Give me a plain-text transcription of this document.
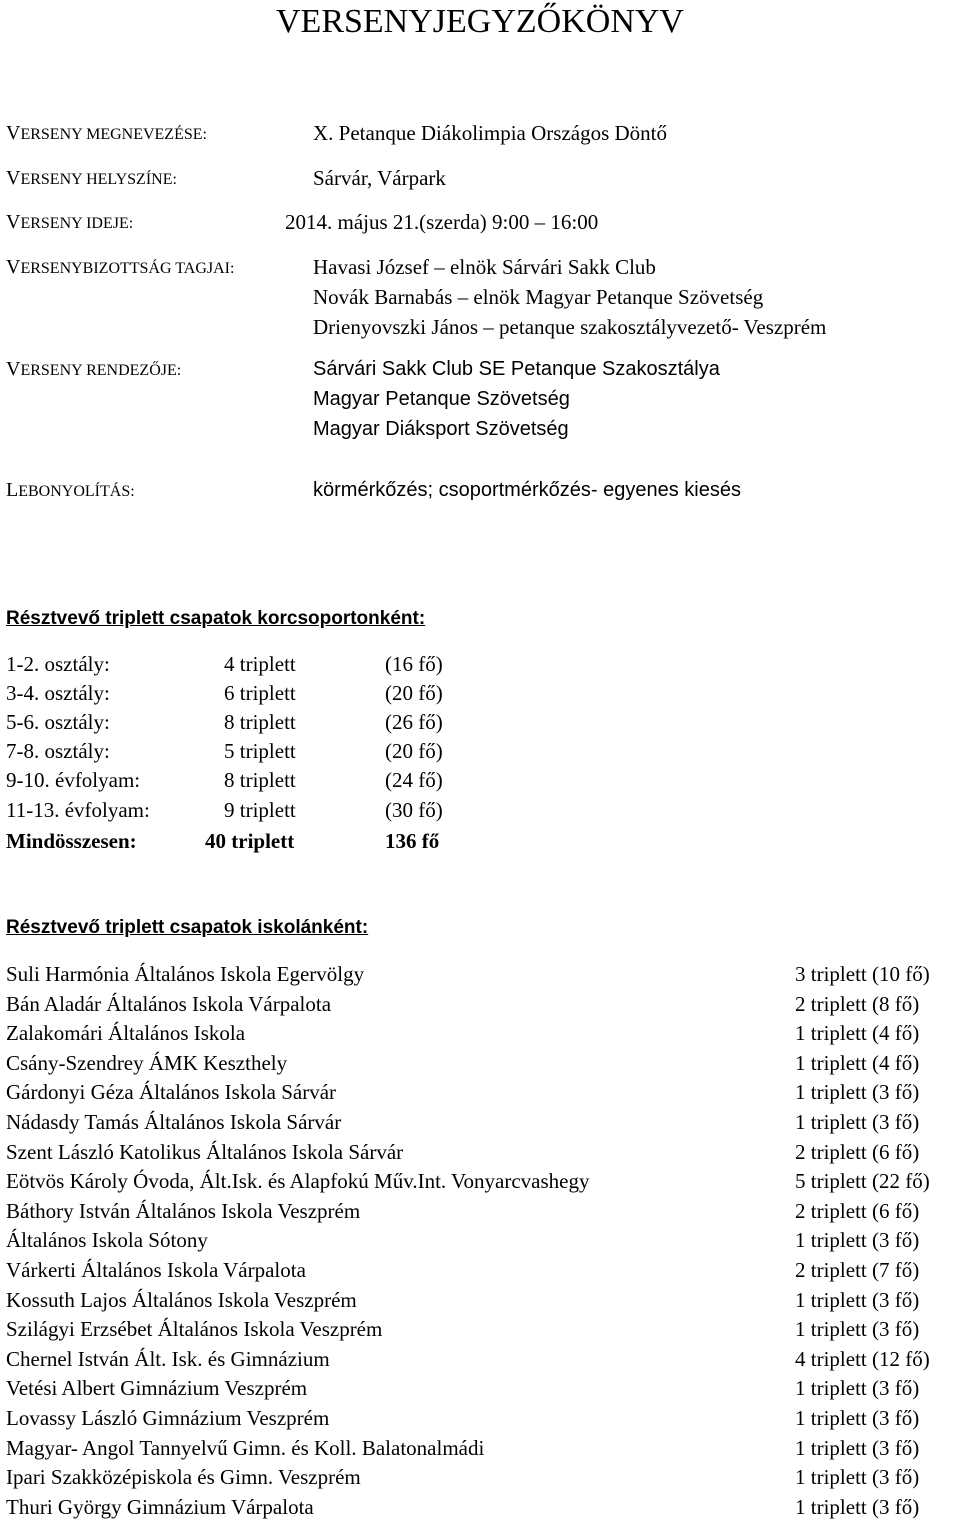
VERSENYJEGYZŐKÖNYV
VERSENY MEGNEVEZÉSE:	X. Petanque Diákolimpia Országos Döntő
VERSENY HELYSZÍNE:	Sárvár, Várpark
VERSENY IDEJE:	2014. május 21.(szerda) 9:00 – 16:00
VERSENYBIZOTTSÁG TAGJAI:	Havasi József – elnök Sárvári Sakk Club
Novák Barnabás – elnök Magyar Petanque Szövetség
Drienyovszki János – petanque szakosztályvezető- Veszprém
VERSENY RENDEZŐJE:	Sárvári Sakk Club SE Petanque Szakosztálya
Magyar Petanque Szövetség
Magyar Diáksport Szövetség
LEBONYOLÍTÁS:	körmérkőzés; csoportmérkőzés- egyenes kiesés
Résztvevő triplett csapatok korcsoportonként:
1-2. osztály:	4 triplett	(16 fő)
3-4. osztály:	6 triplett	(20 fő)
5-6. osztály:	8 triplett	(26 fő)
7-8. osztály:	5 triplett	(20 fő)
9-10. évfolyam:	8 triplett	(24 fő)
11-13. évfolyam:	9 triplett	(30 fő)
Mindösszesen:	40 triplett	136 fő
Résztvevő triplett csapatok iskolánként:
Suli Harmónia Általános Iskola Egervölgy	3 triplett (10 fő)
Bán Aladár Általános Iskola Várpalota	2 triplett (8 fő)
Zalakomári Általános Iskola	1 triplett (4 fő)
Csány-Szendrey ÁMK Keszthely	1 triplett (4 fő)
Gárdonyi Géza Általános Iskola Sárvár	1 triplett (3 fő)
Nádasdy Tamás Általános Iskola Sárvár	1 triplett (3 fő)
Szent László Katolikus Általános Iskola Sárvár	2 triplett (6 fő)
Eötvös Károly Óvoda, Ált.Isk. és Alapfokú Műv.Int. Vonyarcvashegy	5 triplett (22 fő)
Báthory István Általános Iskola Veszprém	2 triplett (6 fő)
Általános Iskola Sótony	1 triplett (3 fő)
Várkerti Általános Iskola Várpalota	2 triplett (7 fő)
Kossuth Lajos Általános Iskola Veszprém	1 triplett (3 fő)
Szilágyi Erzsébet Általános Iskola Veszprém	1 triplett (3 fő)
Chernel István Ált. Isk. és Gimnázium	4 triplett (12 fő)
Vetési Albert Gimnázium Veszprém	1 triplett (3 fő)
Lovassy László Gimnázium Veszprém	1 triplett (3 fő)
Magyar- Angol Tannyelvű Gimn. és Koll. Balatonalmádi	1 triplett (3 fő)
Ipari Szakközépiskola és Gimn. Veszprém	1 triplett (3 fő)
Thuri György Gimnázium Várpalota	1 triplett (3 fő)
